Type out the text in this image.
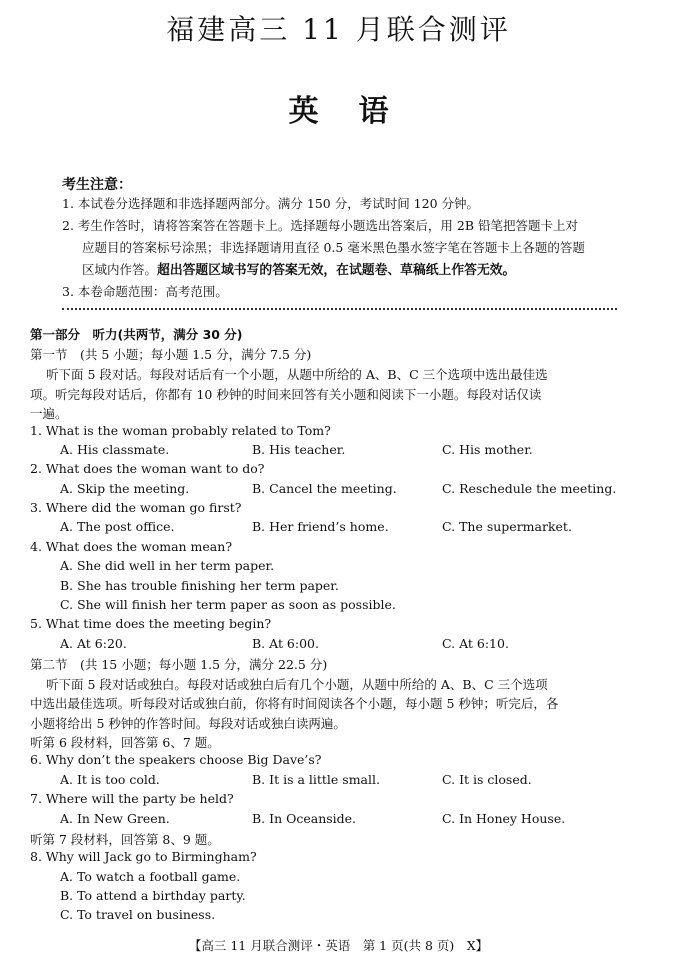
福建高三 11 月联合测评
英语
考生注意：
1. 本试卷分选择题和非选择题两部分。满分 150 分，考试时间 120 分钟。
2. 考生作答时，请将答案答在答题卡上。选择题每小题选出答案后，用 2B 铅笔把答题卡上对
应题目的答案标号涂黑；非选择题请用直径 0.5 毫米黑色墨水签字笔在答题卡上各题的答题
区域内作答。超出答题区域书写的答案无效，在试题卷、草稿纸上作答无效。
3. 本卷命题范围：高考范围。
第一部分　听力(共两节，满分 30 分)
第一节　(共 5 小题；每小题 1.5 分，满分 7.5 分)
听下面 5 段对话。每段对话后有一个小题，从题中所给的 A、B、C 三个选项中选出最佳选
项。听完每段对话后，你都有 10 秒钟的时间来回答有关小题和阅读下一小题。每段对话仅读
一遍。
1. What is the woman probably related to Tom?
A. His classmate.	B. His teacher.	C. His mother.
2. What does the woman want to do?
A. Skip the meeting.	B. Cancel the meeting.	C. Reschedule the meeting.
3. Where did the woman go first?
A. The post office.	B. Her friend’s home.	C. The supermarket.
4. What does the woman mean?
A. She did well in her term paper.
B. She has trouble finishing her term paper.
C. She will finish her term paper as soon as possible.
5. What time does the meeting begin?
A. At 6:20.	B. At 6:00.	C. At 6:10.
第二节　(共 15 小题；每小题 1.5 分，满分 22.5 分)
听下面 5 段对话或独白。每段对话或独白后有几个小题，从题中所给的 A、B、C 三个选项
中选出最佳选项。听每段对话或独白前，你将有时间阅读各个小题，每小题 5 秒钟；听完后，各
小题将给出 5 秒钟的作答时间。每段对话或独白读两遍。
听第 6 段材料，回答第 6、7 题。
6. Why don’t the speakers choose Big Dave’s?
A. It is too cold.	B. It is a little small.	C. It is closed.
7. Where will the party be held?
A. In New Green.	B. In Oceanside.	C. In Honey House.
听第 7 段材料，回答第 8、9 题。
8. Why will Jack go to Birmingham?
A. To watch a football game.
B. To attend a birthday party.
C. To travel on business.
【高三 11 月联合测评・英语　第 1 页(共 8 页)　X】
